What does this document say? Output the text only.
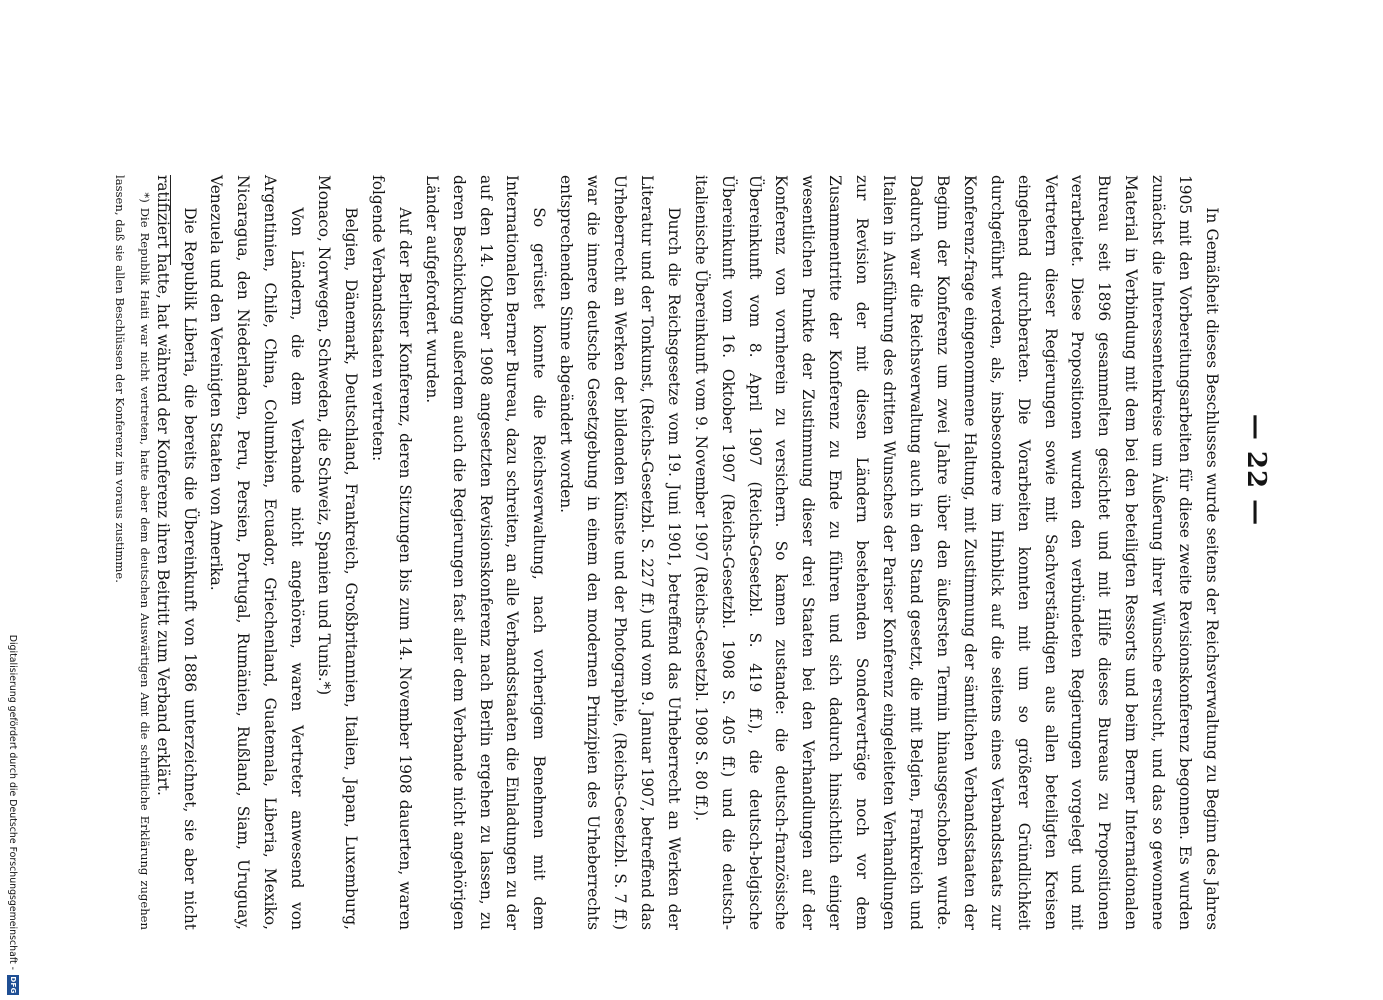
— 22 —

In Gemäßheit dieses Beschlusses wurde seitens der Reichsverwaltung zu Beginn des Jahres 1905 mit den Vorbereitungsarbeiten für diese zweite Revisionskonferenz begonnen. Es wurden zunächst die Interessentenkreise um Äußerung ihrer Wünsche ersucht, und das so gewonnene Material in Verbindung mit dem bei den beteiligten Ressorts und beim Berner Internationalen Bureau seit 1896 gesammelten gesichtet und mit Hilfe dieses Bureaus zu Propositionen verarbeitet. Diese Propositionen wurden den verbündeten Regierungen vorgelegt und mit Vertretern dieser Regierungen sowie mit Sachverständigen aus allen beteiligten Kreisen eingehend durchberaten. Die Vorarbeiten konnten mit um so größerer Gründlichkeit durchgeführt werden, als, insbesondere im Hinblick auf die seitens eines Verbandsstaats zur Konferenz-frage eingenommene Haltung, mit Zustimmung der sämtlichen Verbandsstaaten der Beginn der Konferenz um zwei Jahre über den äußersten Termin hinausgeschoben wurde. Dadurch war die Reichsverwaltung auch in den Stand gesetzt, die mit Belgien, Frankreich und Italien in Ausführung des dritten Wunsches der Pariser Konferenz eingeleiteten Verhandlungen zur Revision der mit diesen Ländern bestehenden Sonderverträge noch vor dem Zusammentritte der Konferenz zu Ende zu führen und sich dadurch hinsichtlich einiger wesentlichen Punkte der Zustimmung dieser drei Staaten bei den Verhandlungen auf der Konferenz von vornherein zu versichern. So kamen zustande: die deutsch-französische Übereinkunft vom 8. April 1907 (Reichs-Gesetzbl. S. 419 ff.), die deutsch-belgische Übereinkunft vom 16. Oktober 1907 (Reichs-Gesetzbl. 1908 S. 405 ff.) und die deutsch-italienische Übereinkunft vom 9. November 1907 (Reichs-Gesetzbl. 1908 S. 80 ff.).

Durch die Reichsgesetze vom 19. Juni 1901, betreffend das Urheberrecht an Werken der Literatur und der Tonkunst, (Reichs-Gesetzbl. S. 227 ff.) und vom 9. Januar 1907, betreffend das Urheberrecht an Werken der bildenden Künste und der Photographie, (Reichs-Gesetzbl. S. 7 ff.) war die innere deutsche Gesetzgebung in einem den modernen Prinzipien des Urheberrechts entsprechenden Sinne abgeändert worden.

So gerüstet konnte die Reichsverwaltung, nach vorherigem Benehmen mit dem Internationalen Berner Bureau, dazu schreiten, an alle Verbandsstaaten die Einladungen zu der auf den 14. Oktober 1908 angesetzten Revisionskonferenz nach Berlin ergehen zu lassen, zu deren Beschickung außerdem auch die Regierungen fast aller dem Verbande nicht angehörigen Länder aufgefordert wurden.

Auf der Berliner Konferenz, deren Sitzungen bis zum 14. November 1908 dauerten, waren folgende Verbandsstaaten vertreten:

Belgien, Dänemark, Deutschland, Frankreich, Großbritannien, Italien, Japan, Luxemburg, Monaco, Norwegen, Schweden, die Schweiz, Spanien und Tunis.*)

Von Ländern, die dem Verbande nicht angehören, waren Vertreter anwesend von Argentinien, Chile, China, Columbien, Ecuador, Griechenland, Guatemala, Liberia, Mexiko, Nicaragua, den Niederlanden, Peru, Persien, Portugal, Rumänien, Rußland, Siam, Uruguay, Venezuela und den Vereinigten Staaten von Amerika.

Die Republik Liberia, die bereits die Übereinkunft von 1886 unterzeichnet, sie aber nicht ratifiziert hatte, hat während der Konferenz ihren Beitritt zum Verband erklärt.

*) Die Republik Haiti war nicht vertreten, hatte aber dem deutschen Auswärtigen Amt die schriftliche Erklärung zugehen lassen, daß sie allen Beschlüssen der Konferenz im voraus zustimme.
Digitalisierung gefördert durch die Deutsche Forschungsgemeinschaft -
DFG
